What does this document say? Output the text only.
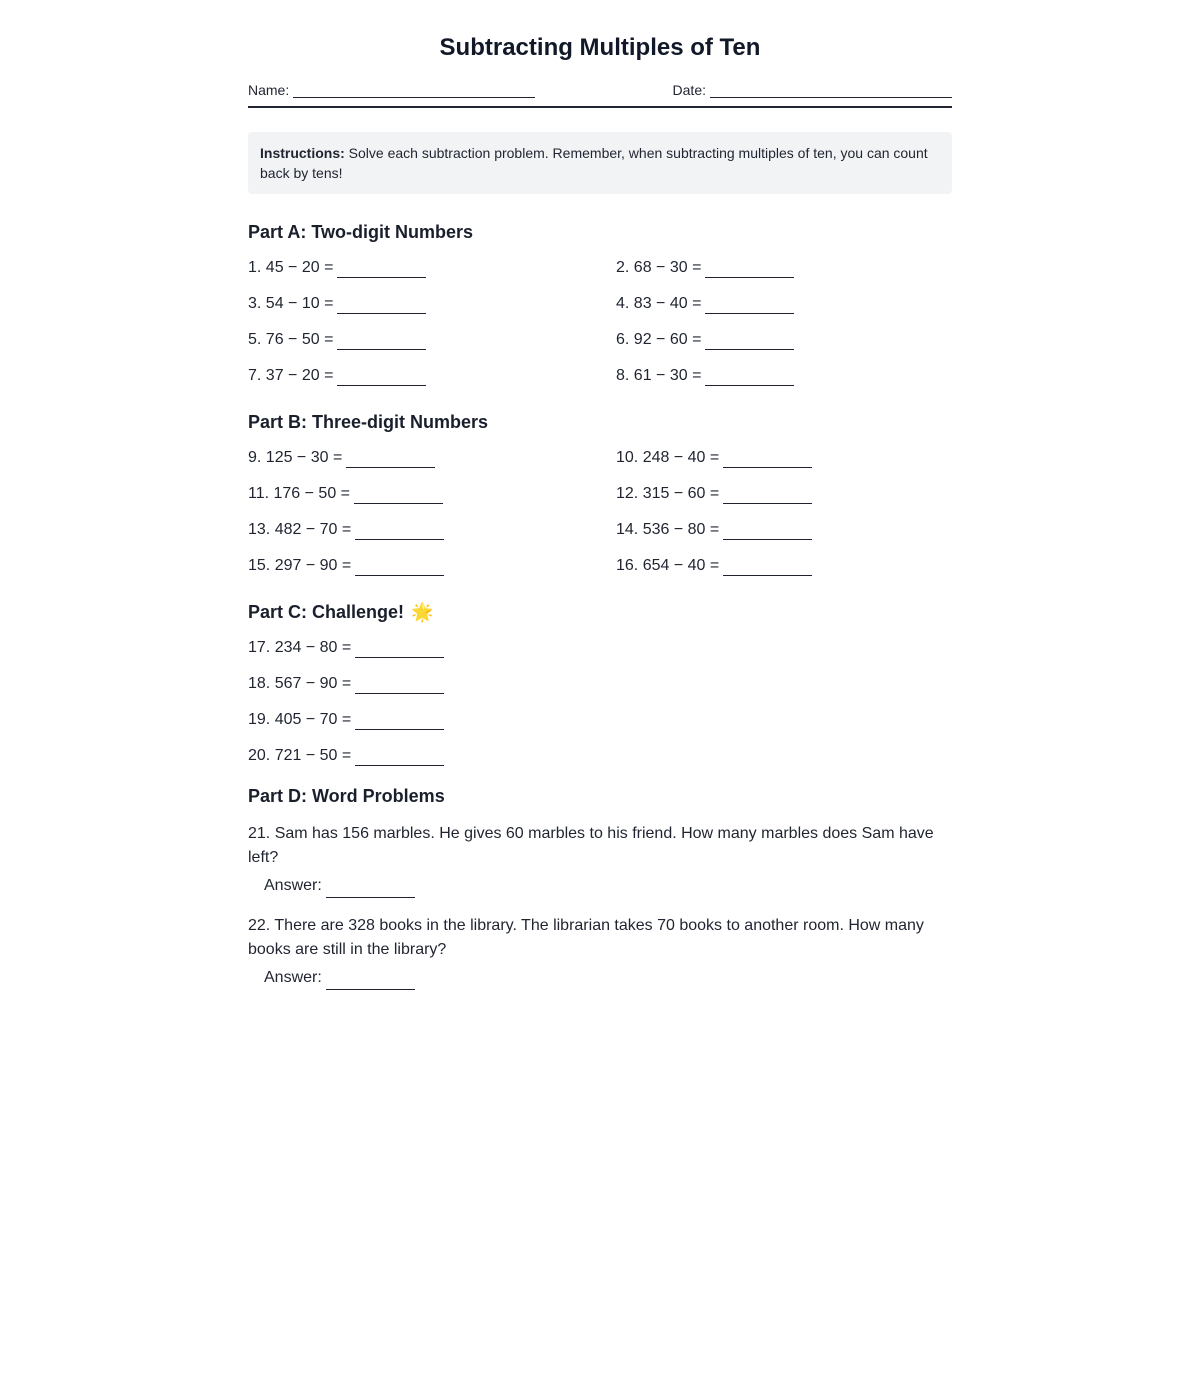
Subtracting Multiples of Ten
Name:	Date:
Instructions: Solve each subtraction problem. Remember, when subtracting multiples of ten, you can count back by tens!
Part A: Two-digit Numbers
1. 45 − 20 =	2. 68 − 30 =
3. 54 − 10 =	4. 83 − 40 =
5. 76 − 50 =	6. 92 − 60 =
7. 37 − 20 =	8. 61 − 30 =
Part B: Three-digit Numbers
9. 125 − 30 =	10. 248 − 40 =
11. 176 − 50 =	12. 315 − 60 =
13. 482 − 70 =	14. 536 − 80 =
15. 297 − 90 =	16. 654 − 40 =
Part C: Challenge! 🌟
17. 234 − 80 =
18. 567 − 90 =
19. 405 − 70 =
20. 721 − 50 =
Part D: Word Problems
21. Sam has 156 marbles. He gives 60 marbles to his friend. How many marbles does Sam have left?
Answer:
22. There are 328 books in the library. The librarian takes 70 books to another room. How many books are still in the library?
Answer:
